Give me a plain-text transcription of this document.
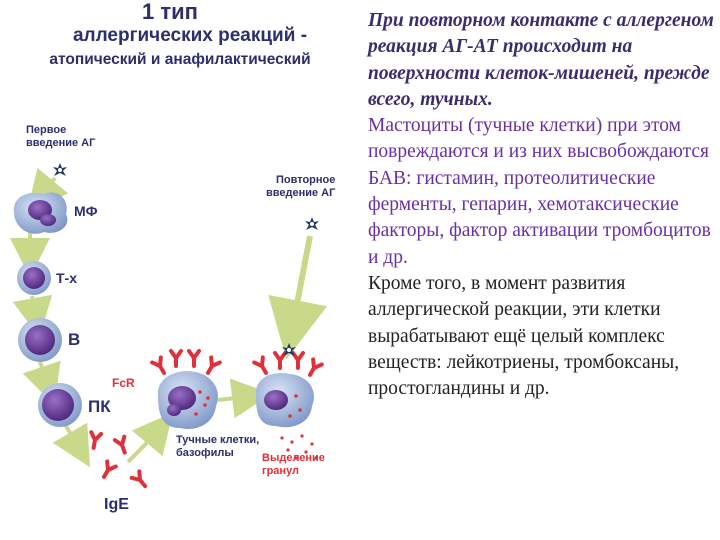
1 тип
аллергических реакций -
атопический и анафилактический
Первое
введение АГ
Повторное
введение АГ
МФ
Т-х
В
ПК
FcR
Тучные клетки,
базофилы	Выделение
гранул
IgE

При повторном контакте с аллергеном реакция АГ-АТ происходит на поверхности клеток-мишеней, прежде всего, тучных.

Мастоциты (тучные клетки) при этом повреждаются и из них высвобождаются БАВ: гистамин, протеолитические ферменты, гепарин, хемотаксические факторы, фактор активации тромбоцитов и др.

Кроме того, в момент развития аллергической реакции, эти клетки вырабатывают ещё целый комплекс веществ: лейкотриены, тромбоксаны, простогландины и др.
